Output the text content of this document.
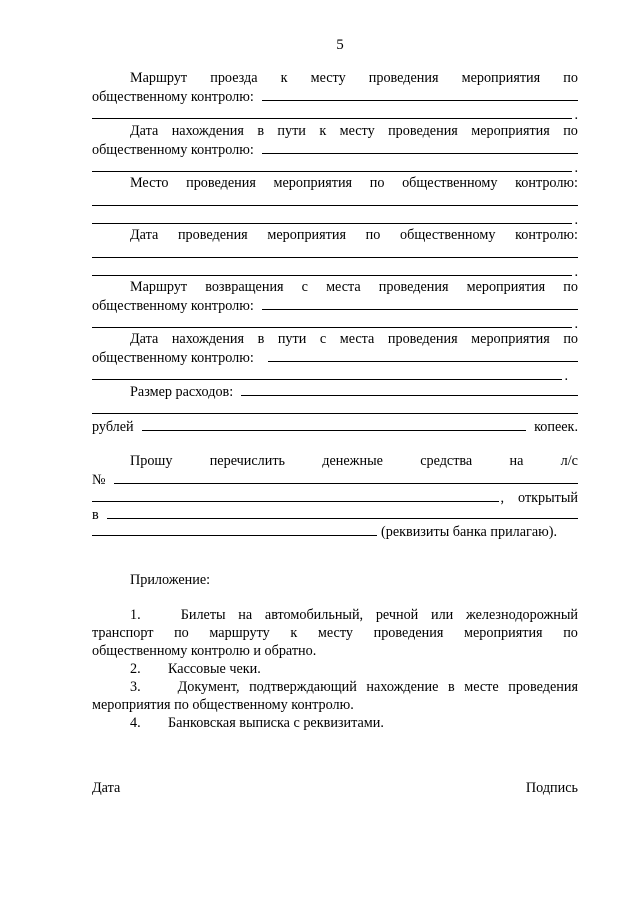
5
Маршрут проезда к месту проведения мероприятия по
общественному контролю:
.
Дата нахождения в пути к месту проведения мероприятия по
общественному контролю:
.
Место проведения мероприятия по общественному контролю:
.
Дата проведения мероприятия по общественному контролю:
.
Маршрут возвращения с места проведения мероприятия по
общественному контролю:
.
Дата нахождения в пути с места проведения мероприятия по
общественному контролю:
.
Размер расходов:
рублей	копеек.
Прошу	перечислить	денежные	средства	на	л/с
№
, открытый
в
(реквизиты банка прилагаю).
Приложение:
1.	Билеты на автомобильный, речной или железнодорожный
транспорт по маршруту к месту проведения мероприятия по
общественному контролю и обратно.
2. Кассовые чеки.
3.	Документ, подтверждающий нахождение в месте проведения
мероприятия по общественному контролю.
4. Банковская выписка с реквизитами.
Дата	Подпись
